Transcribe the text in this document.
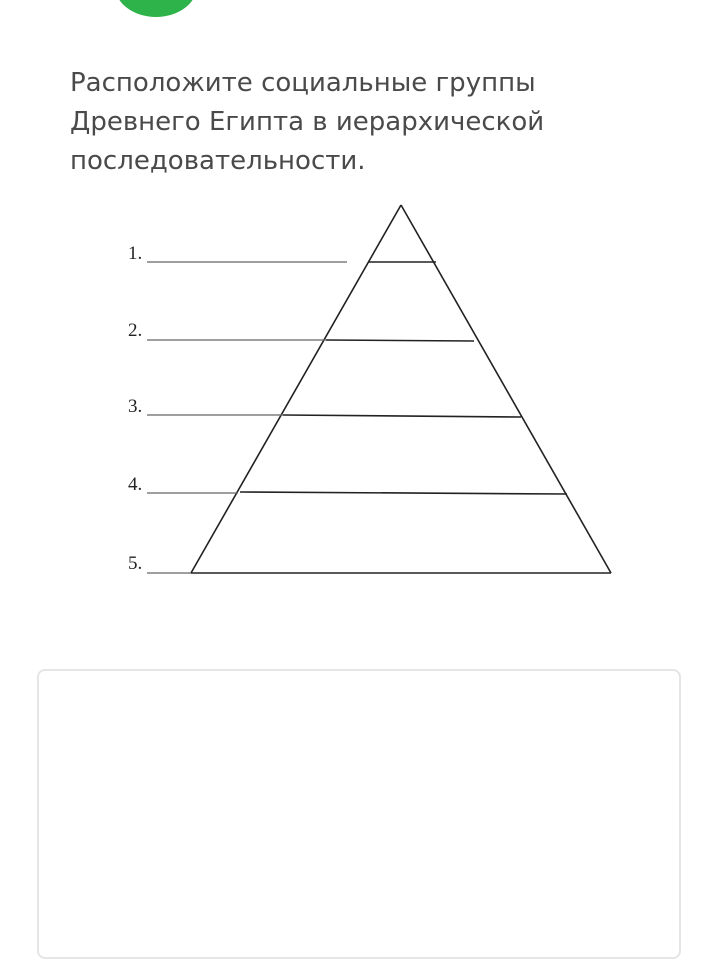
Расположите социальные группы Древнего Египта в иерархической последовательности.
1.
2.
3.
4.
5.
